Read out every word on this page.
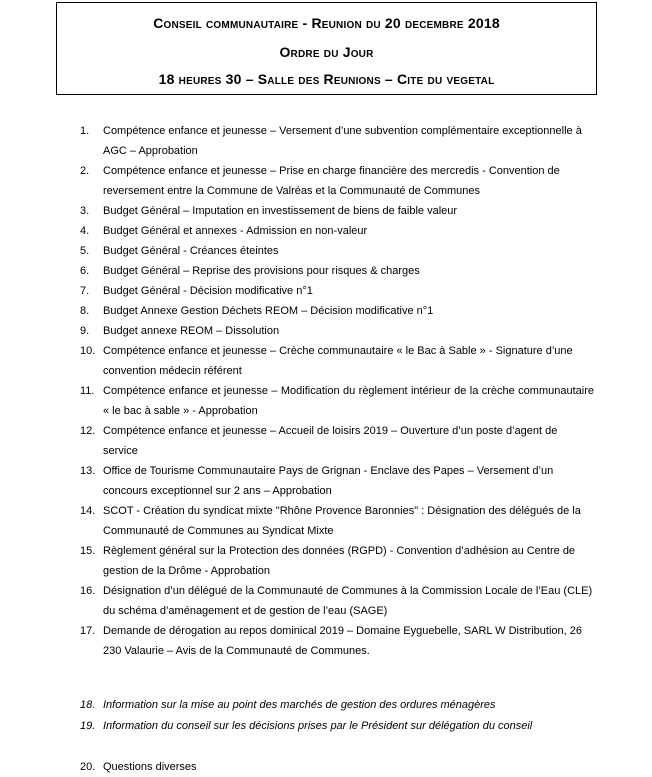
Conseil communautaire - Reunion du 20 decembre 2018
Ordre du Jour
18 heures 30 – Salle des Reunions – Cite du vegetal

1.	Compétence enfance et jeunesse – Versement d’une subvention complémentaire exceptionnelle à AGC – Approbation

2.	Compétence enfance et jeunesse – Prise en charge financière des mercredis - Convention de reversement entre la Commune de Valréas et la Communauté de Communes

3.	Budget Général – Imputation en investissement de biens de faible valeur

4.	Budget Général et annexes - Admission en non-valeur

5.	Budget Général - Créances éteintes

6.	Budget Général – Reprise des provisions pour risques & charges

7.	Budget Général - Décision modificative n°1

8.	Budget Annexe Gestion Déchets REOM – Décision modificative n°1

9.	Budget annexe REOM – Dissolution

10. Compétence enfance et jeunesse – Crèche communautaire « le Bac à Sable » - Signature d’une convention médecin référent

11. Compétence enfance et jeunesse – Modification du règlement intérieur de la crèche communautaire « le bac à sable » - Approbation

12. Compétence enfance et jeunesse – Accueil de loisirs 2019 – Ouverture d’un poste d’agent de service

13. Office de Tourisme Communautaire Pays de Grignan - Enclave des Papes – Versement d’un concours exceptionnel sur 2 ans – Approbation

14. SCOT - Création du syndicat mixte "Rhône Provence Baronnies" : Désignation des délégués de la Communauté de Communes au Syndicat Mixte

15. Règlement général sur la Protection des données (RGPD) - Convention d’adhésion au Centre de gestion de la Drôme - Approbation

16. Désignation d’un délégué de la Communauté de Communes à la Commission Locale de l’Eau (CLE) du schéma d’aménagement et de gestion de l’eau (SAGE)

17. Demande de dérogation au repos dominical 2019 – Domaine Eyguebelle, SARL W Distribution, 26 230 Valaurie – Avis de la Communauté de Communes.

18. Information sur la mise au point des marchés de gestion des ordures ménagères

19. Information du conseil sur les décisions prises par le Président sur délégation du conseil

20. Questions diverses
